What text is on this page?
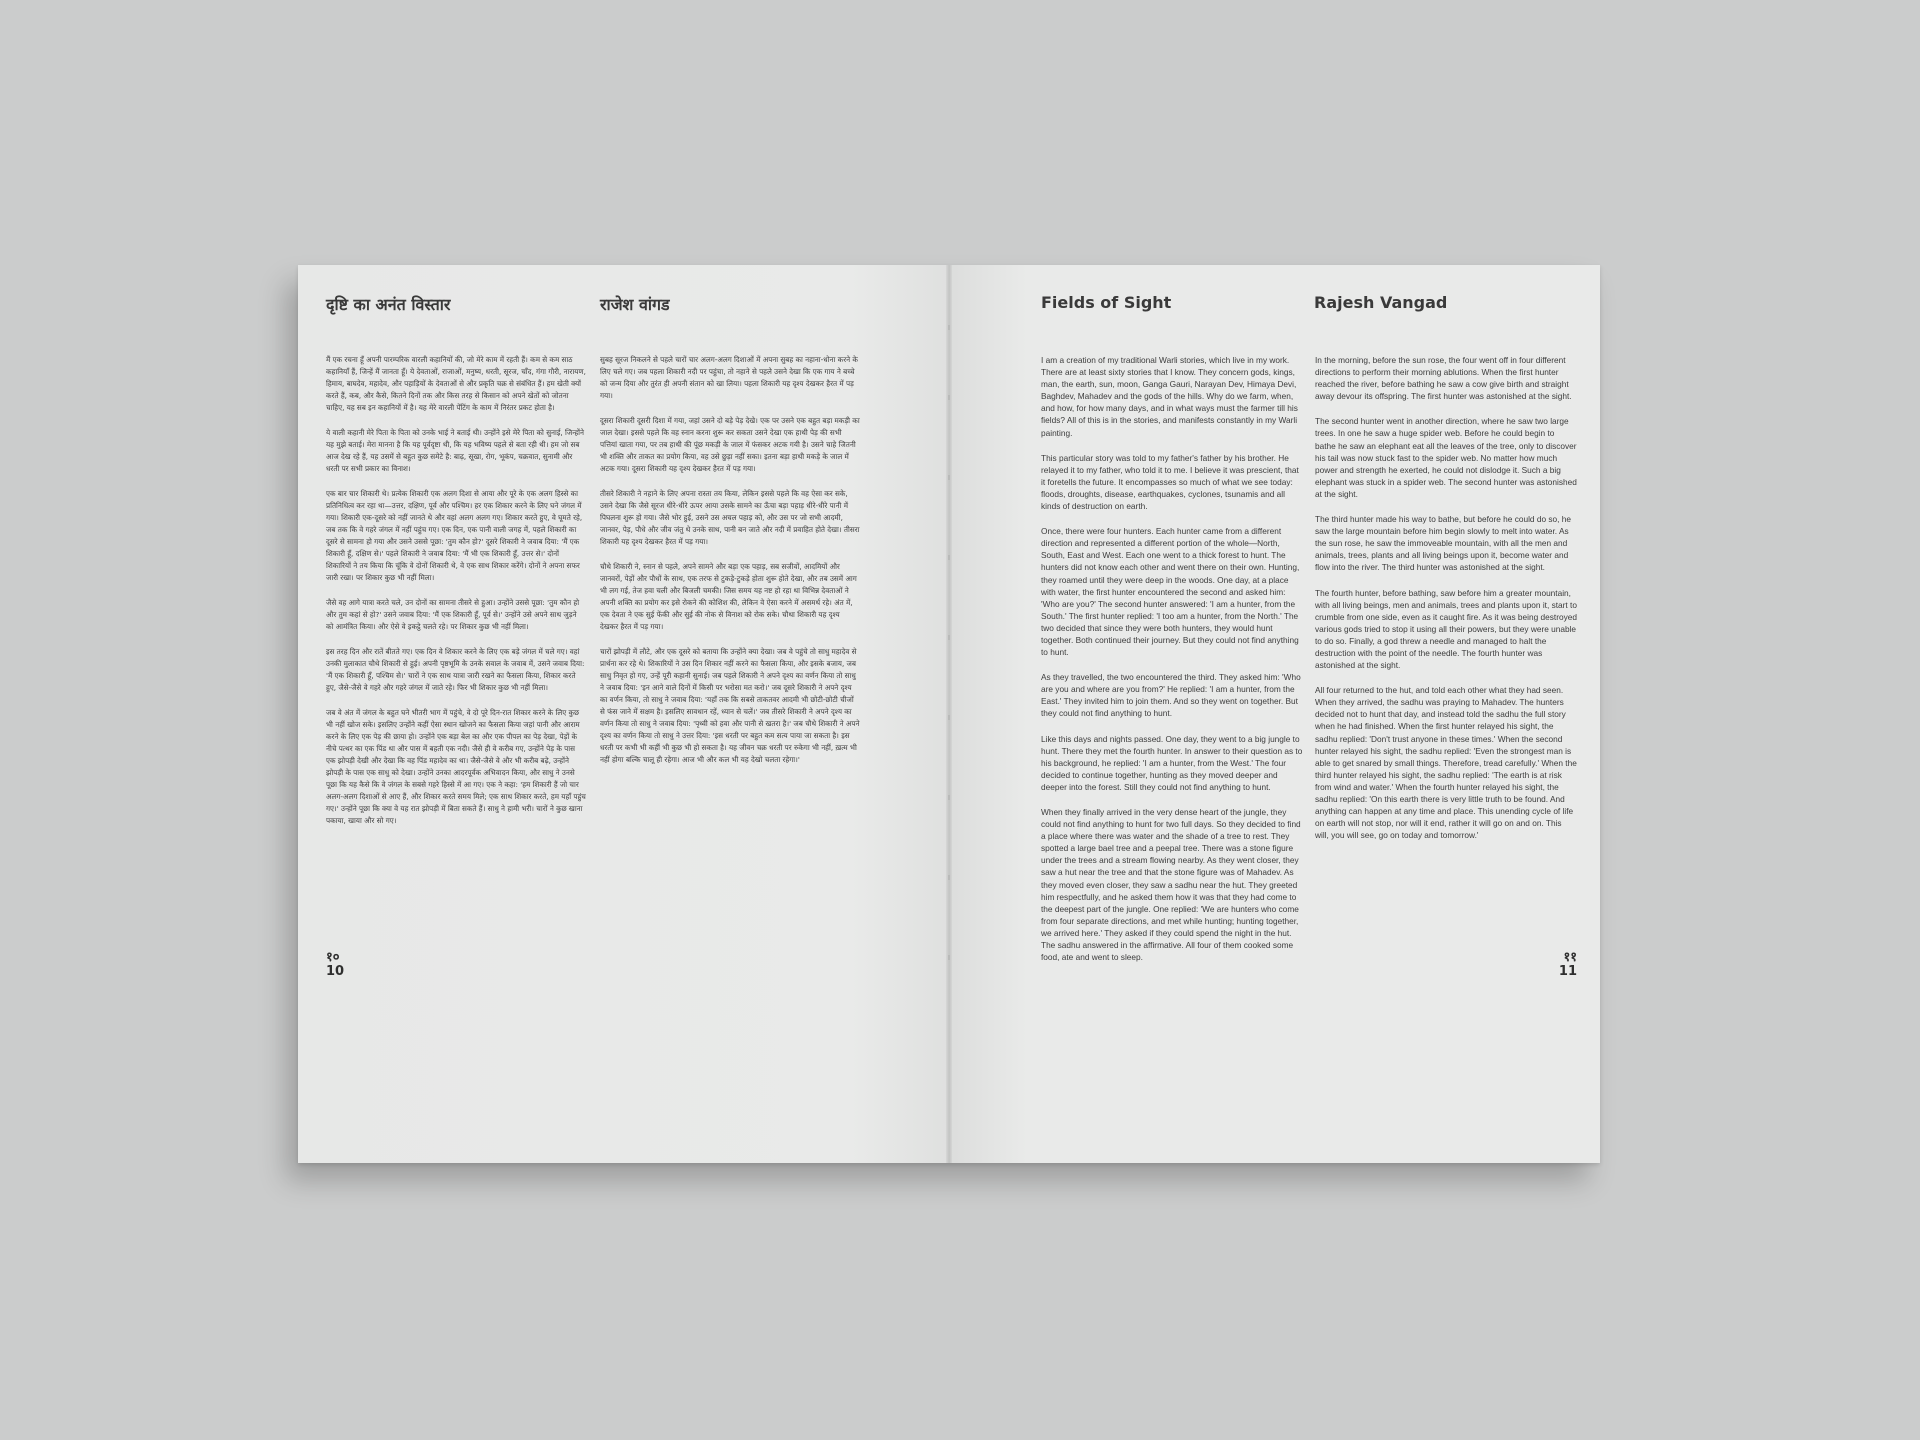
दृष्टि का अनंत विस्तार	राजेश वांगड

मैं एक रचना हूँ अपनी पारम्परिक वारली कहानियों की, जो मेरे काम में रहती हैं। कम से कम साठ कहानियाँ हैं, जिन्हें मैं जानता हूँ। ये देवताओं, राजाओं, मनुष्य, धरती, सूरज, चाँद, गंगा गौरी, नारायण, हिमाय, बाघदेव, महादेव, और पहाड़ियों के देवताओं से और प्रकृति चक्र से संबंधित हैं। हम खेती क्यों करते हैं, कब, और कैसे, कितने दिनों तक और किस तरह से किसान को अपने खेतों को जोतना चाहिए, यह सब इन कहानियों में है। यह मेरे वारली पेंटिंग के काम में निरंतर प्रकट होता है।

ये वाली कहानी मेरे पिता के पिता को उनके भाई ने बताई थी। उन्होंने इसे मेरे पिता को सुनाई, जिन्होंने यह मुझे बताई। मेरा मानना है कि यह पूर्वदृष्टा थी, कि यह भविष्य पहले से बता रही थी। हम जो सब आज देख रहे हैं, यह उसमें से बहुत कुछ समेटे है: बाढ़, सूखा, रोग, भूकंप, चक्रवात, सुनामी और धरती पर सभी प्रकार का विनाश।

एक बार चार शिकारी थे। प्रत्येक शिकारी एक अलग दिशा से आया और पूरे के एक अलग हिस्से का प्रतिनिधित्व कर रहा था—उत्तर, दक्षिण, पूर्व और पश्चिम। हर एक शिकार करने के लिए घने जंगल में गया। शिकारी एक-दूसरे को नहीं जानते थे और वहां अलग अलग गए। शिकार करते हुए, वे घूमते रहे, जब तक कि वे गहरे जंगल में नहीं पहुंच गए। एक दिन, एक पानी वाली जगह में, पहले शिकारी का दूसरे से सामना हो गया और उसने उससे पूछा: 'तुम कौन हो?' दूसरे शिकारी ने जवाब दिया: 'मैं एक शिकारी हूँ, दक्षिण से।' पहले शिकारी ने जवाब दिया: 'मैं भी एक शिकारी हूँ, उत्तर से।' दोनों शिकारियों ने तय किया कि चूंकि वे दोनों शिकारी थे, वे एक साथ शिकार करेंगे। दोनों ने अपना सफर जारी रखा। पर शिकार कुछ भी नहीं मिला।

जैसे वह आगे यात्रा करते चले, उन दोनों का सामना तीसरे से हुआ। उन्होंने उससे पूछा: 'तुम कौन हो और तुम कहां से हो?' उसने जवाब दिया: 'मैं एक शिकारी हूँ, पूर्व से।' उन्होंने उसे अपने साथ जुड़ने को आमंत्रित किया। और ऐसे वे इकट्ठे चलते रहे। पर शिकार कुछ भी नहीं मिला।

इस तरह दिन और रातें बीतते गए। एक दिन वे शिकार करने के लिए एक बड़े जंगल में चले गए। वहां उनकी मुलाकात चौथे शिकारी से हुई। अपनी पृष्ठभूमि के उनके सवाल के जवाब में, उसने जवाब दिया: 'मैं एक शिकारी हूँ, पश्चिम से।' चारों ने एक साथ यात्रा जारी रखने का फैसला किया, शिकार करते हुए, जैसे-जैसे वे गहरे और गहरे जंगल में जाते रहे। फिर भी शिकार कुछ भी नहीं मिला।

जब वे अंत में जंगल के बहुत घने भीतरी भाग में पहुंचे, वे दो पूरे दिन-रात शिकार करने के लिए कुछ भी नहीं खोज सके। इसलिए उन्होंने कहीं ऐसा स्थान खोजने का फैसला किया जहां पानी और आराम करने के लिए एक पेड़ की छाया हो। उन्होंने एक बड़ा बेल का और एक पीपल का पेड़ देखा, पेड़ों के नीचे पत्थर का एक पिंड था और पास में बहती एक नदी। जैसे ही वे करीब गए, उन्होंने पेड़ के पास एक झोपड़ी देखी और देखा कि वह पिंड महादेव का था। जैसे-जैसे वे और भी करीब बढ़े, उन्होंने झोपड़ी के पास एक साधु को देखा। उन्होंने उनका आदरपूर्वक अभिवादन किया, और साधु ने उनसे पूछा कि यह कैसे कि वे जंगल के सबसे गहरे हिस्से में आ गए। एक ने कहा: 'हम शिकारी हैं जो चार अलग-अलग दिशाओं से आए हैं, और शिकार करते समय मिले; एक साथ शिकार करते, हम यहाँ पहुंच गए।' उन्होंने पूछा कि क्या वे यह रात झोपड़ी में बिता सकते हैं। साधु ने हामी भरी। चारों ने कुछ खाना पकाया, खाया और सो गए।

सुबह सूरज निकलने से पहले चारों चार अलग-अलग दिशाओं में अपना सुबह का नहाना-धोना करने के लिए चले गए। जब पहला शिकारी नदी पर पहुंचा, तो नहाने से पहले उसने देखा कि एक गाय ने बच्चे को जन्म दिया और तुरंत ही अपनी संतान को खा लिया। पहला शिकारी यह दृश्य देखकर हैरत में पड़ गया।

दूसरा शिकारी दूसरी दिशा में गया, जहां उसने दो बड़े पेड़ देखे। एक पर उसने एक बहुत बड़ा मकड़ी का जाल देखा। इससे पहले कि वह स्नान करना शुरू कर सकता उसने देखा एक हाथी पेड़ की सभी पत्तियां खाता गया, पर तब हाथी की पूंछ मकड़ी के जाल में फंसकर अटक गयी है। उसने चाहे जितनी भी शक्ति और ताकत का प्रयोग किया, वह उसे छुड़ा नहीं सका। इतना बड़ा हाथी मकड़े के जाल में अटक गया। दूसरा शिकारी यह दृश्य देखकर हैरत में पड़ गया।

तीसरे शिकारी ने नहाने के लिए अपना रास्ता तय किया, लेकिन इससे पहले कि वह ऐसा कर सके, उसने देखा कि जैसे सूरज धीरे-धीरे ऊपर आया उसके सामने का ऊँचा बड़ा पहाड़ धीरे-धीरे पानी में पिघलना शुरू हो गया। जैसे भोर हुई, उसने उस अचल पहाड़ को, और उस पर जो सभी आदमी, जानवर, पेड़, पौधे और जीव जंतु थे उनके साथ, पानी बन जाते और नदी में प्रवाहित होते देखा। तीसरा शिकारी यह दृश्य देखकर हैरत में पड़ गया।

चौथे शिकारी ने, स्नान से पहले, अपने सामने और बड़ा एक पहाड़, सब सजीवों, आदमियों और जानवरों, पेड़ों और पौधों के साथ, एक तरफ से टुकड़े-टुकड़े होता शुरू होते देखा, और तब उसमें आग भी लग गई, तेज हवा चली और बिजली चमकी। जिस समय यह नष्ट हो रहा था विभिन्न देवताओं ने अपनी शक्ति का प्रयोग कर इसे रोकने की कोशिश की, लेकिन वे ऐसा करने में असमर्थ रहे। अंत में, एक देवता ने एक सुई फेंकी और सुई की नोक से विनाश को रोक सके। चौथा शिकारी यह दृश्य देखकर हैरत में पड़ गया।

चारों झोपड़ी में लौटे, और एक दूसरे को बताया कि उन्होंने क्या देखा। जब वे पहुंचे तो साधु महादेव से प्रार्थना कर रहे थे। शिकारियों ने उस दिन शिकार नहीं करने का फैसला किया, और इसके बजाय, जब साधु निवृत हो गए, उन्हें पूरी कहानी सुनाई। जब पहले शिकारी ने अपने दृश्य का वर्णन किया तो साधु ने जवाब दिया: 'इन आने वाले दिनों में किसी पर भरोसा मत करो।' जब दूसरे शिकारी ने अपने दृश्य का वर्णन किया, तो साधु ने जवाब दिया: 'यहाँ तक कि सबसे ताकतवर आदमी भी छोटी-छोटी चीजों से फंस जाने में सक्षम है। इसलिए सावधान रहें, ध्यान से चलें।' जब तीसरे शिकारी ने अपने दृश्य का वर्णन किया तो साधु ने जवाब दिया: 'पृथ्वी को हवा और पानी से खतरा है।' जब चौथे शिकारी ने अपने दृश्य का वर्णन किया तो साधु ने उत्तर दिया: 'इस धरती पर बहुत कम सत्य पाया जा सकता है। इस धरती पर कभी भी कहीं भी कुछ भी हो सकता है। यह जीवन चक्र धरती पर रुकेगा भी नहीं, ख़त्म भी नहीं होगा बल्कि चालू ही रहेगा। आज भी और कल भी यह देखो चलता रहेगा।'

१०
10
Fields of Sight	Rajesh Vangad

I am a creation of my traditional Warli stories, which live in my work. There are at least sixty stories that I know. They concern gods, kings, man, the earth, sun, moon, Ganga Gauri, Narayan Dev, Himaya Devi, Baghdev, Mahadev and the gods of the hills. Why do we farm, when, and how, for how many days, and in what ways must the farmer till his fields? All of this is in the stories, and manifests constantly in my Warli painting.

This particular story was told to my father's father by his brother. He relayed it to my father, who told it to me. I believe it was prescient, that it foretells the future. It encompasses so much of what we see today: floods, droughts, disease, earthquakes, cyclones, tsunamis and all kinds of destruction on earth.

Once, there were four hunters. Each hunter came from a different direction and represented a different portion of the whole—North, South, East and West. Each one went to a thick forest to hunt. The hunters did not know each other and went there on their own. Hunting, they roamed until they were deep in the woods. One day, at a place with water, the first hunter encountered the second and asked him: 'Who are you?' The second hunter answered: 'I am a hunter, from the South.' The first hunter replied: 'I too am a hunter, from the North.' The two decided that since they were both hunters, they would hunt together. Both continued their journey. But they could not find anything to hunt.

As they travelled, the two encountered the third. They asked him: 'Who are you and where are you from?' He replied: 'I am a hunter, from the East.' They invited him to join them. And so they went on together. But they could not find anything to hunt.

Like this days and nights passed. One day, they went to a big jungle to hunt. There they met the fourth hunter. In answer to their question as to his background, he replied: 'I am a hunter, from the West.' The four decided to continue together, hunting as they moved deeper and deeper into the forest. Still they could not find anything to hunt.

When they finally arrived in the very dense heart of the jungle, they could not find anything to hunt for two full days. So they decided to find a place where there was water and the shade of a tree to rest. They spotted a large bael tree and a peepal tree. There was a stone figure under the trees and a stream flowing nearby. As they went closer, they saw a hut near the tree and that the stone figure was of Mahadev. As they moved even closer, they saw a sadhu near the hut. They greeted him respectfully, and he asked them how it was that they had come to the deepest part of the jungle. One replied: 'We are hunters who come from four separate directions, and met while hunting; hunting together, we arrived here.' They asked if they could spend the night in the hut. The sadhu answered in the affirmative. All four of them cooked some food, ate and went to sleep.

In the morning, before the sun rose, the four went off in four different directions to perform their morning ablutions. When the first hunter reached the river, before bathing he saw a cow give birth and straight away devour its offspring. The first hunter was astonished at the sight.

The second hunter went in another direction, where he saw two large trees. In one he saw a huge spider web. Before he could begin to bathe he saw an elephant eat all the leaves of the tree, only to discover his tail was now stuck fast to the spider web. No matter how much power and strength he exerted, he could not dislodge it. Such a big elephant was stuck in a spider web. The second hunter was astonished at the sight.

The third hunter made his way to bathe, but before he could do so, he saw the large mountain before him begin slowly to melt into water. As the sun rose, he saw the immoveable mountain, with all the men and animals, trees, plants and all living beings upon it, become water and flow into the river. The third hunter was astonished at the sight.

The fourth hunter, before bathing, saw before him a greater mountain, with all living beings, men and animals, trees and plants upon it, start to crumble from one side, even as it caught fire. As it was being destroyed various gods tried to stop it using all their powers, but they were unable to do so. Finally, a god threw a needle and managed to halt the destruction with the point of the needle. The fourth hunter was astonished at the sight.

All four returned to the hut, and told each other what they had seen. When they arrived, the sadhu was praying to Mahadev. The hunters decided not to hunt that day, and instead told the sadhu the full story when he had finished. When the first hunter relayed his sight, the sadhu replied: 'Don't trust anyone in these times.' When the second hunter relayed his sight, the sadhu replied: 'Even the strongest man is able to get snared by small things. Therefore, tread carefully.' When the third hunter relayed his sight, the sadhu replied: 'The earth is at risk from wind and water.' When the fourth hunter relayed his sight, the sadhu replied: 'On this earth there is very little truth to be found. And anything can happen at any time and place. This unending cycle of life on earth will not stop, nor will it end, rather it will go on and on. This will, you will see, go on today and tomorrow.'

११
11
